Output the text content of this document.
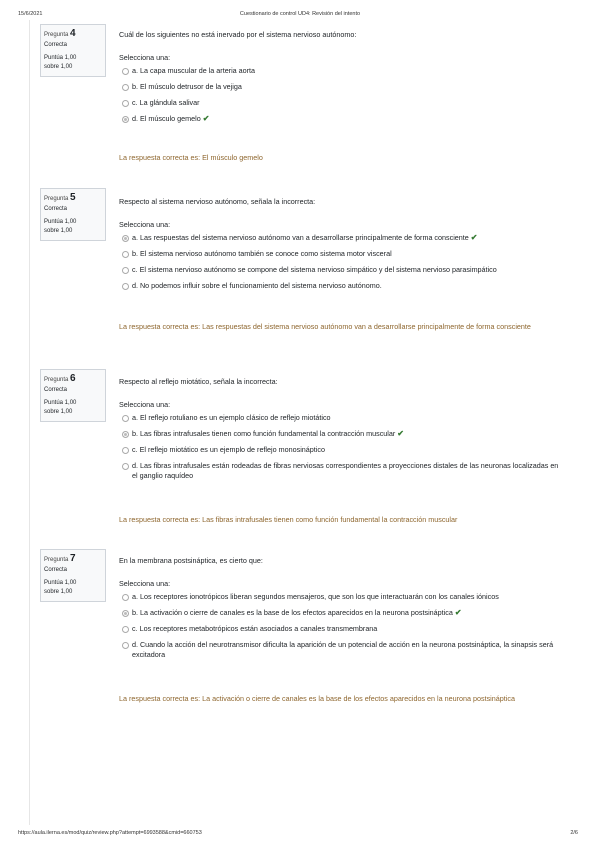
15/6/2021	Cuestionario de control UD4: Revisión del intento
Pregunta 4
Correcta
Puntúa 1,00 sobre 1,00

Cuál de los siguientes no está inervado por el sistema nervioso autónomo:

Selecciona una:
a. La capa muscular de la arteria aorta
b. El músculo detrusor de la vejiga
c. La glándula salivar
d. El músculo gemelo ✔
La respuesta correcta es: El músculo gemelo
Pregunta 5
Correcta
Puntúa 1,00 sobre 1,00

Respecto al sistema nervioso autónomo, señala la incorrecta:

Selecciona una:
a. Las respuestas del sistema nervioso autónomo van a desarrollarse principalmente de forma consciente ✔
b. El sistema nervioso autónomo también se conoce como sistema motor visceral
c. El sistema nervioso autónomo se compone del sistema nervioso simpático y del sistema nervioso parasimpático
d. No podemos influir sobre el funcionamiento del sistema nervioso autónomo.
La respuesta correcta es: Las respuestas del sistema nervioso autónomo van a desarrollarse principalmente de forma consciente
Pregunta 6
Correcta
Puntúa 1,00 sobre 1,00

Respecto al reflejo miotático, señala la incorrecta:

Selecciona una:
a. El reflejo rotuliano es un ejemplo clásico de reflejo miotático
b. Las fibras intrafusales tienen como función fundamental la contracción muscular ✔
c. El reflejo miotático es un ejemplo de reflejo monosináptico
d. Las fibras intrafusales están rodeadas de fibras nerviosas correspondientes a proyecciones distales de las neuronas localizadas en el ganglio raquídeo
La respuesta correcta es: Las fibras intrafusales tienen como función fundamental la contracción muscular
Pregunta 7
Correcta
Puntúa 1,00 sobre 1,00

En la membrana postsináptica, es cierto que:

Selecciona una:
a. Los receptores ionotrópicos liberan segundos mensajeros, que son los que interactuarán con los canales iónicos
b. La activación o cierre de canales es la base de los efectos aparecidos en la neurona postsináptica ✔
c. Los receptores metabotrópicos están asociados a canales transmembrana
d. Cuando la acción del neurotransmisor dificulta la aparición de un potencial de acción en la neurona postsináptica, la sinapsis será excitadora
La respuesta correcta es: La activación o cierre de canales es la base de los efectos aparecidos en la neurona postsináptica
https://aula.ilerna.es/mod/quiz/review.php?attempt=6993588&cmid=660753	2/6
